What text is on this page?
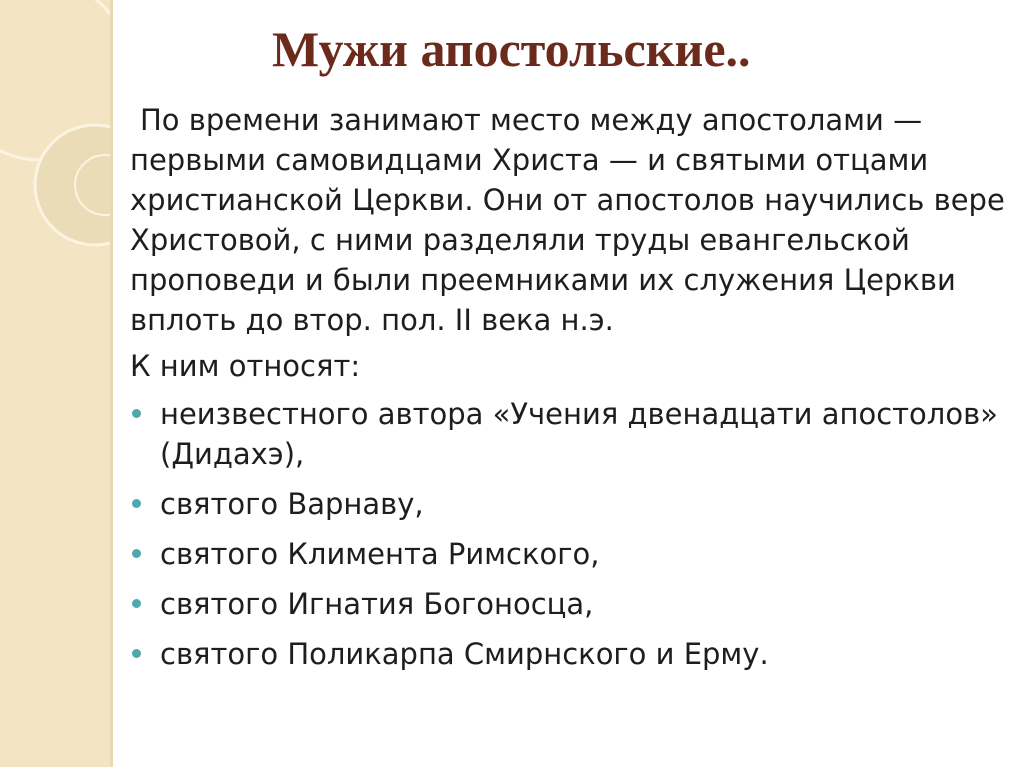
Мужи апостольские..

По времени занимают место между апостолами — первыми самовидцами Христа — и святыми отцами христианской Церкви. Они от апостолов научились вере Христовой, с ними разделяли труды евангельской проповеди и были преемниками их служения Церкви вплоть до втор. пол. II века н.э.

К ним относят:

неизвестного автора «Учения двенадцати апостолов» (Дидахэ),
святого Варнаву,
святого Климента Римского,
святого Игнатия Богоносца,
святого Поликарпа Смирнского и Ерму.
